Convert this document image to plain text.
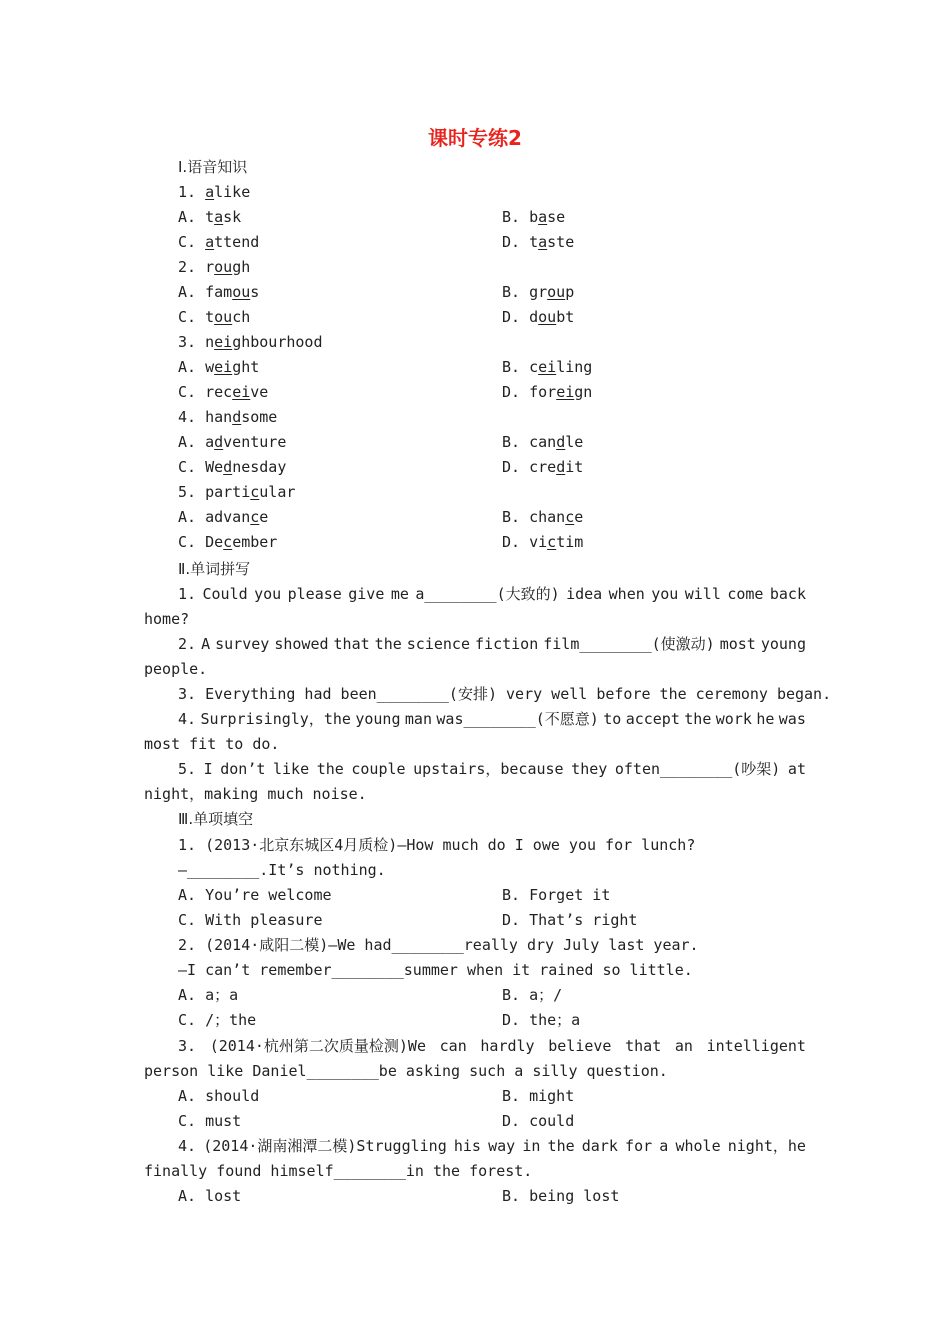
课时专练2
Ⅰ.语音知识
1. alike
A. task	B. base
C. attend	D. taste
2. rough
A. famous	B. group
C. touch	D. doubt
3. neighbourhood
A. weight	B. ceiling
C. receive	D. foreign
4. handsome
A. adventure	B. candle
C. Wednesday	D. credit
5. particular
A. advance	B. chance
C. December	D. victim
Ⅱ.单词拼写
1. Could you please give me a________(大致的) idea when you will come back
home?
2. A survey showed that the science fiction film________(使激动) most young
people.
3. Everything had been________(安排) very well before the ceremony began.
4. Surprisingly，the young man was________(不愿意) to accept the work he was
most fit to do.
5. I don’t like the couple upstairs，because they often________(吵架) at
night，making much noise.
Ⅲ.单项填空
1. (2013·北京东城区4月质检)—How much do I owe you for lunch?
—________.It’s nothing.
A. You’re welcome	B. Forget it
C. With pleasure	D. That’s right
2. (2014·咸阳二模)—We had________really dry July last year.
—I can’t remember________summer when it rained so little.
A. a；a	B. a；/
C. /；the	D. the；a
3. (2014·杭州第二次质量检测)We can hardly believe that an intelligent
person like Daniel________be asking such a silly question.
A. should	B. might
C. must	D. could
4. (2014·湖南湘潭二模)Struggling his way in the dark for a whole night，he
finally found himself________in the forest.
A. lost	B. being lost
